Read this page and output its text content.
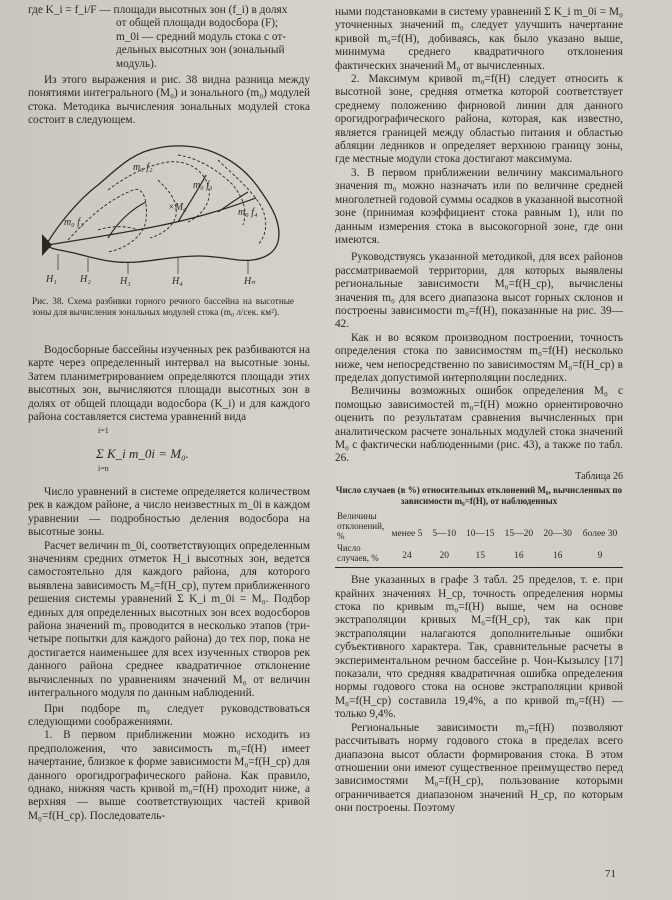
где K_i = f_i/F — площади высотных зон (f_i) в долях

от общей площади водосбора (F);

m_0i — средний модуль стока с от-

дельных высотных зон (зональный

модуль).

Из этого выражения и рис. 38 видна разница между понятиями интегрального (M₀) и зонального (m₀) модулей стока. Методика вычисления зональных модулей стока состоит в следующем.

m₀ f₁
m₀ f₂
m₀ f₃
m₀ f₄
×M₀
H₁ H₂	H₃	H₄	Hₙ
Рис. 38. Схема разбивки горного речного бассейна на высотные зоны для вычисления зональных модулей стока (m₀ л/сек. км²).

Водосборные бассейны изученных рек разбиваются на карте через определенный интервал на высотные зоны. Затем планиметрированием определяются площади этих высотных зон, вычисляются площади высотных зон в долях от общей площади водосбора (K_i) и для каждого района составляется система уравнений вида

i=1
Σ K_i m_0i = M₀.
i=n

Число уравнений в системе определяется количеством рек в каждом районе, а число неизвестных m_0i в каждом уравнении — подробностью деления водосбора на высотные зоны.

Расчет величин m_0i, соответствующих определенным значениям средних отметок H_i высотных зон, ведется самостоятельно для каждого района, для которого выявлена зависимость M₀=f(H_ср), путем приближенного решения системы уравнений Σ K_i m_0i = M₀. Подбор единых для определенных высотных зон всех водосборов района значений m₀ проводится в несколько этапов (три-четыре попытки для каждого района) до тех пор, пока не достигается наименьшее для всех изученных створов рек данного района среднее квадратичное отклонение вычисленных по уравнениям значений M₀ от величин интегрального модуля по данным наблюдений.

При подборе m₀ следует руководствоваться следующими соображениями.

1. В первом приближении можно исходить из предположения, что зависимость m₀=f(H) имеет начертание, близкое к форме зависимости M₀=f(H_ср) для данного орогидрографического района. Как правило, однако, нижняя часть кривой m₀=f(H) проходит ниже, а верхняя — выше соответствующих частей кривой M₀=f(H_ср). Последователь-

ными подстановками в систему уравнений Σ K_i m_0i = M₀ уточненных значений m₀ следует улучшить начертание кривой m₀=f(H), добиваясь, как было указано выше, минимума среднего квадратичного отклонения фактических значений M₀ от вычисленных.

2. Максимум кривой m₀=f(H) следует относить к высотной зоне, средняя отметка которой соответствует среднему положению фирновой линии для данного орогидрографического района, которая, как известно, является границей между областью питания и областью абляции ледников и определяет верхнюю границу зоны, где местные модули стока достигают максимума.

3. В первом приближении величину максимального значения m₀ можно назначать или по величине средней многолетней годовой суммы осадков в указанной высотной зоне (принимая коэффициент стока равным 1), или по данным измерения стока в высокогорной зоне, где они имеются.

Руководствуясь указанной методикой, для всех районов рассматриваемой территории, для которых выявлены региональные зависимости M₀=f(H_ср), вычислены значения m₀ для всего диапазона высот горных склонов и построены зависимости m₀=f(H), показанные на рис. 39—42.

Как и во всяком производном построении, точность определения стока по зависимостям m₀=f(H) несколько ниже, чем непосредственно по зависимостям M₀=f(H_ср) в пределах допустимой интерполяции последних.

Величины возможных ошибок определения M₀ с помощью зависимостей m₀=f(H) можно ориентировочно оценить по результатам сравнения вычисленных при аналитическом расчете зональных модулей стока значений M₀ с фактически наблюденными (рис. 43), а также по табл. 26.

Таблица 26
Число случаев (в %) относительных отклонений M₀, вычисленных по зависимости m₀=f(H), от наблюденных
Величины отклонений, %	менее 5	5—10	10—15	15—20	20—30	более 30
Число случаев, %	24	20	15	16	16	9

Вне указанных в графе 3 табл. 25 пределов, т. е. при крайних значениях H_ср, точность определения нормы стока по кривым m₀=f(H) выше, чем на основе экстраполяции кривых M₀=f(H_ср), так как при экстраполяции налагаются дополнительные ошибки субъективного характера. Так, сравнительные расчеты в экспериментальном речном бассейне р. Чон-Кызылсу [17] показали, что средняя квадратичная ошибка определения нормы годового стока на основе экстраполяции кривой M₀=f(H_ср) составила 19,4%, а по кривой m₀=f(H) — только 9,4%.

Региональные зависимости m₀=f(H) позволяют рассчитывать норму годового стока в пределах всего диапазона высот области формирования стока. В этом отношении они имеют существенное преимущество перед зависимостями M₀=f(H_ср), пользование которыми ограничивается диапазоном значений H_ср, по которым они построены. Поэтому

71
